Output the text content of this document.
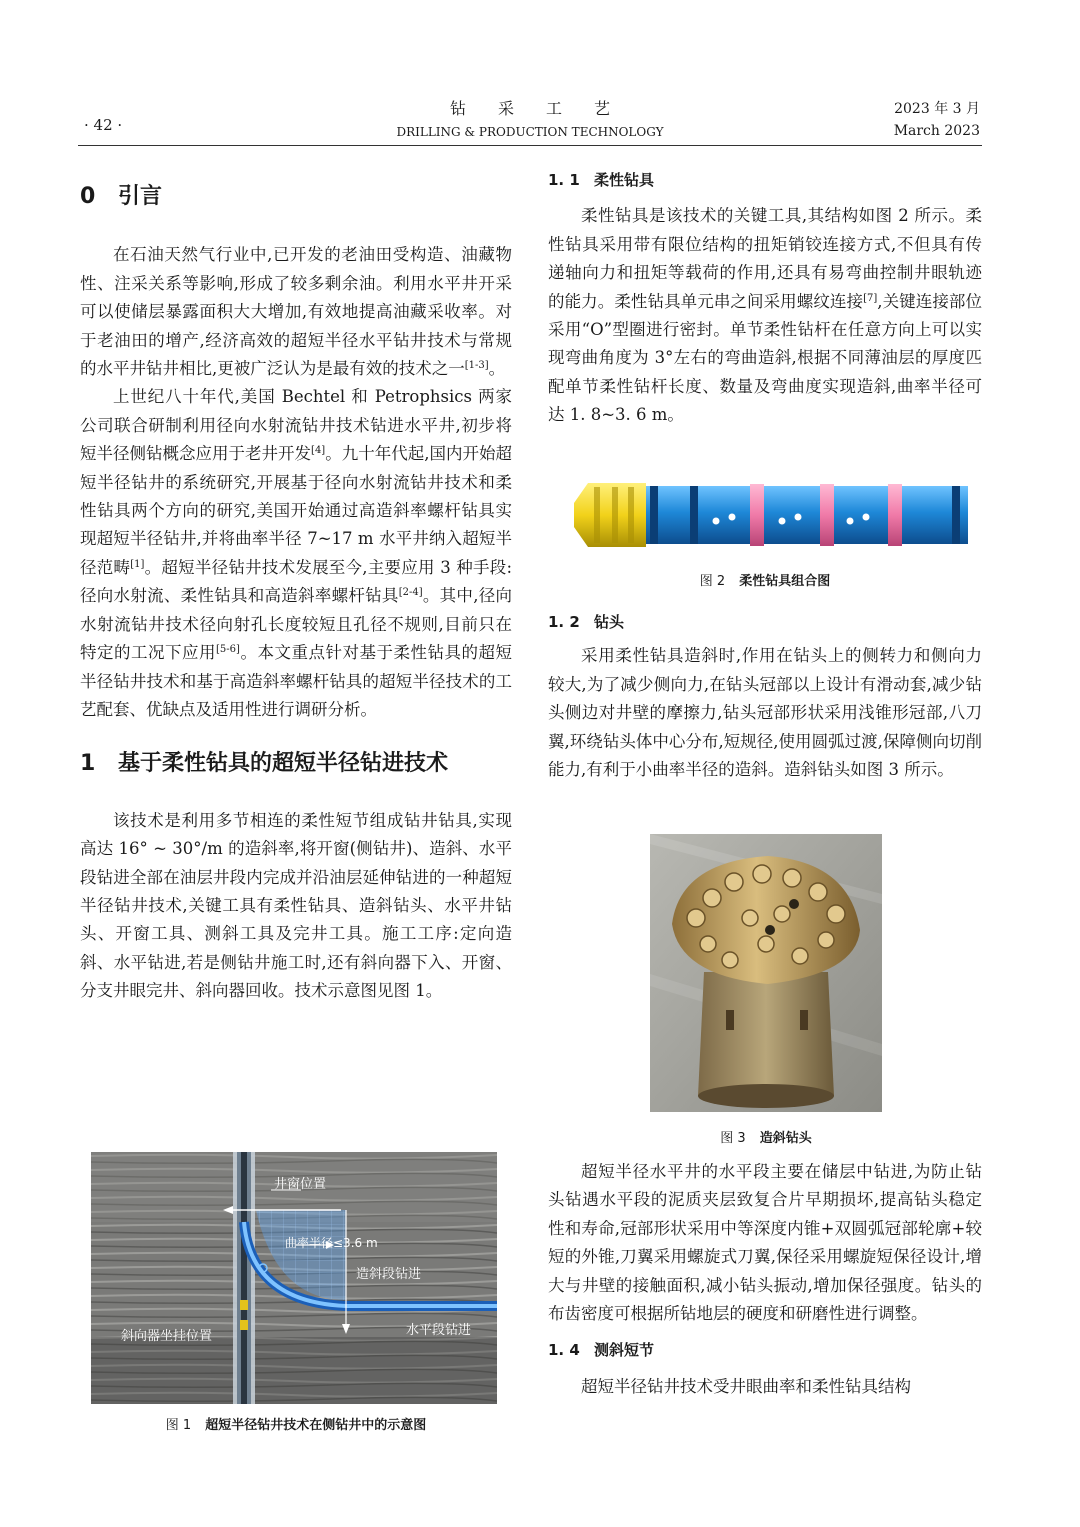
· 42 ·
钻采工艺
DRILLING & PRODUCTION TECHNOLOGY
2023 年 3 月
March 2023
0 引言

在石油天然气行业中,已开发的老油田受构造、油藏物性、注采关系等影响,形成了较多剩余油。利用水平井开采可以使储层暴露面积大大增加,有效地提高油藏采收率。对于老油田的增产,经济高效的超短半径水平钻井技术与常规的水平井钻井相比,更被广泛认为是最有效的技术之一[1-3]。

上世纪八十年代,美国 Bechtel 和 Petrophsics 两家公司联合研制利用径向水射流钻井技术钻进水平井,初步将短半径侧钻概念应用于老井开发[4]。九十年代起,国内开始超短半径钻井的系统研究,开展基于径向水射流钻井技术和柔性钻具两个方向的研究,美国开始通过高造斜率螺杆钻具实现超短半径钻井,并将曲率半径 7~17 m 水平井纳入超短半径范畴[1]。超短半径钻井技术发展至今,主要应用 3 种手段:径向水射流、柔性钻具和高造斜率螺杆钻具[2-4]。其中,径向水射流钻井技术径向射孔长度较短且孔径不规则,目前只在特定的工况下应用[5-6]。本文重点针对基于柔性钻具的超短半径钻井技术和基于高造斜率螺杆钻具的超短半径技术的工艺配套、优缺点及适用性进行调研分析。

1 基于柔性钻具的超短半径钻进技术

该技术是利用多节相连的柔性短节组成钻井钻具,实现高达 16° ~ 30°/m 的造斜率,将开窗(侧钻井)、造斜、水平段钻进全部在油层井段内完成并沿油层延伸钻进的一种超短半径钻井技术,关键工具有柔性钻具、造斜钻头、水平井钻头、开窗工具、测斜工具及完井工具。施工工序:定向造斜、水平钻进,若是侧钻井施工时,还有斜向器下入、开窗、分支井眼完井、斜向器回收。技术示意图见图 1。

井窗位置
曲率半径≤3.6 m
造斜段钻进
斜向器坐挂位置	水平段钻进
图 1 超短半径钻井技术在侧钻井中的示意图
1. 1 柔性钻具

柔性钻具是该技术的关键工具,其结构如图 2 所示。柔性钻具采用带有限位结构的扭矩销铰连接方式,不但具有传递轴向力和扭矩等载荷的作用,还具有易弯曲控制井眼轨迹的能力。柔性钻具单元串之间采用螺纹连接[7],关键连接部位采用“O”型圈进行密封。单节柔性钻杆在任意方向上可以实现弯曲角度为 3°左右的弯曲造斜,根据不同薄油层的厚度匹配单节柔性钻杆长度、数量及弯曲度实现造斜,曲率半径可达 1. 8~3. 6 m。

图 2 柔性钻具组合图
1. 2 钻头

采用柔性钻具造斜时,作用在钻头上的侧转力和侧向力较大,为了减少侧向力,在钻头冠部以上设计有滑动套,减少钻头侧边对井壁的摩擦力,钻头冠部形状采用浅锥形冠部,八刀翼,环绕钻头体中心分布,短规径,使用圆弧过渡,保障侧向切削能力,有利于小曲率半径的造斜。造斜钻头如图 3 所示。

图 3 造斜钻头

超短半径水平井的水平段主要在储层中钻进,为防止钻头钻遇水平段的泥质夹层致复合片早期损坏,提高钻头稳定性和寿命,冠部形状采用中等深度内锥+双圆弧冠部轮廓+较短的外锥,刀翼采用螺旋式刀翼,保径采用螺旋短保径设计,增大与井壁的接触面积,减小钻头振动,增加保径强度。钻头的布齿密度可根据所钻地层的硬度和研磨性进行调整。

1. 4 测斜短节

超短半径钻井技术受井眼曲率和柔性钻具结构
